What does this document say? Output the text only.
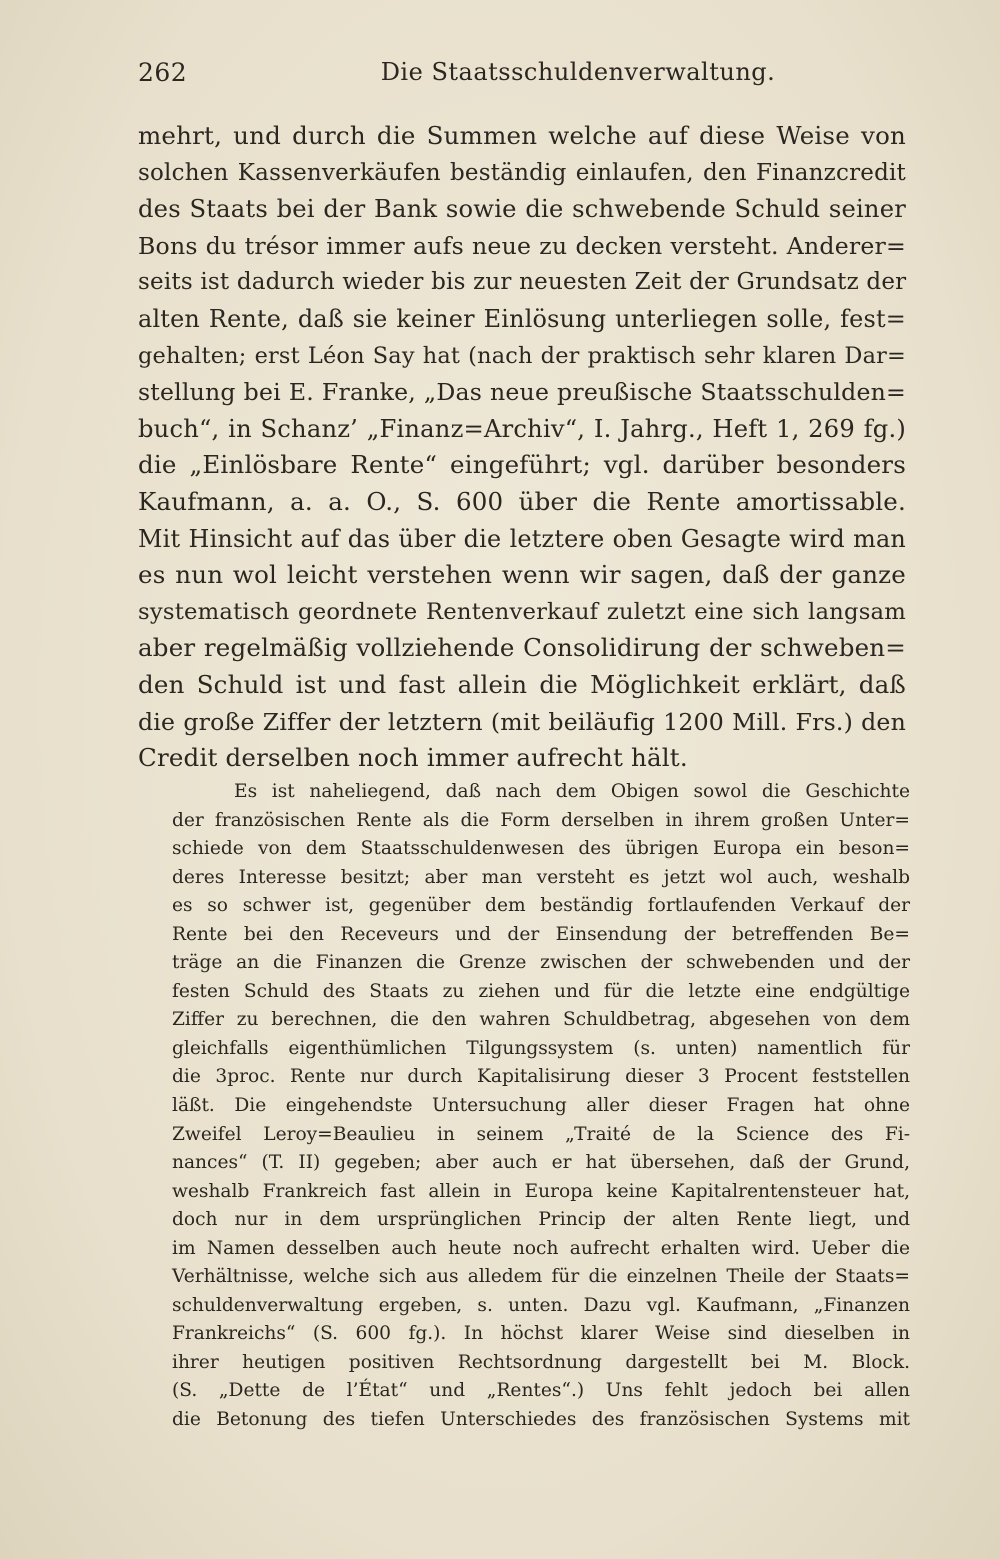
262	Die Staatsschuldenverwaltung.
mehrt, und durch die Summen welche auf diese Weise von
solchen Kassenverkäufen beständig einlaufen, den Finanzcredit
des Staats bei der Bank sowie die schwebende Schuld seiner
Bons du trésor immer aufs neue zu decken versteht. Anderer=
seits ist dadurch wieder bis zur neuesten Zeit der Grundsatz der
alten Rente, daß sie keiner Einlösung unterliegen solle, fest=
gehalten; erst Léon Say hat (nach der praktisch sehr klaren Dar=
stellung bei E. Franke, „Das neue preußische Staatsschulden=
buch“, in Schanz’ „Finanz=Archiv“, I. Jahrg., Heft 1, 269 fg.)
die „Einlösbare Rente“ eingeführt; vgl. darüber besonders
Kaufmann, a. a. O., S. 600 über die Rente amortissable.
Mit Hinsicht auf das über die letztere oben Gesagte wird man
es nun wol leicht verstehen wenn wir sagen, daß der ganze
systematisch geordnete Rentenverkauf zuletzt eine sich langsam
aber regelmäßig vollziehende Consolidirung der schweben=
den Schuld ist und fast allein die Möglichkeit erklärt, daß
die große Ziffer der letztern (mit beiläufig 1200 Mill. Frs.) den
Credit derselben noch immer aufrecht hält.
Es ist naheliegend, daß nach dem Obigen sowol die Geschichte
der französischen Rente als die Form derselben in ihrem großen Unter=
schiede von dem Staatsschuldenwesen des übrigen Europa ein beson=
deres Interesse besitzt; aber man versteht es jetzt wol auch, weshalb
es so schwer ist, gegenüber dem beständig fortlaufenden Verkauf der
Rente bei den Receveurs und der Einsendung der betreffenden Be=
träge an die Finanzen die Grenze zwischen der schwebenden und der
festen Schuld des Staats zu ziehen und für die letzte eine endgültige
Ziffer zu berechnen, die den wahren Schuldbetrag, abgesehen von dem
gleichfalls eigenthümlichen Tilgungssystem (s. unten) namentlich für
die 3proc. Rente nur durch Kapitalisirung dieser 3 Procent feststellen
läßt. Die eingehendste Untersuchung aller dieser Fragen hat ohne
Zweifel Leroy=Beaulieu in seinem „Traité de la Science des Fi-
nances“ (T. II) gegeben; aber auch er hat übersehen, daß der Grund,
weshalb Frankreich fast allein in Europa keine Kapitalrentensteuer hat,
doch nur in dem ursprünglichen Princip der alten Rente liegt, und
im Namen desselben auch heute noch aufrecht erhalten wird. Ueber die
Verhältnisse, welche sich aus alledem für die einzelnen Theile der Staats=
schuldenverwaltung ergeben, s. unten. Dazu vgl. Kaufmann, „Finanzen
Frankreichs“ (S. 600 fg.). In höchst klarer Weise sind dieselben in
ihrer heutigen positiven Rechtsordnung dargestellt bei M. Block.
(S. „Dette de l’État“ und „Rentes“.) Uns fehlt jedoch bei allen
die Betonung des tiefen Unterschiedes des französischen Systems mit
